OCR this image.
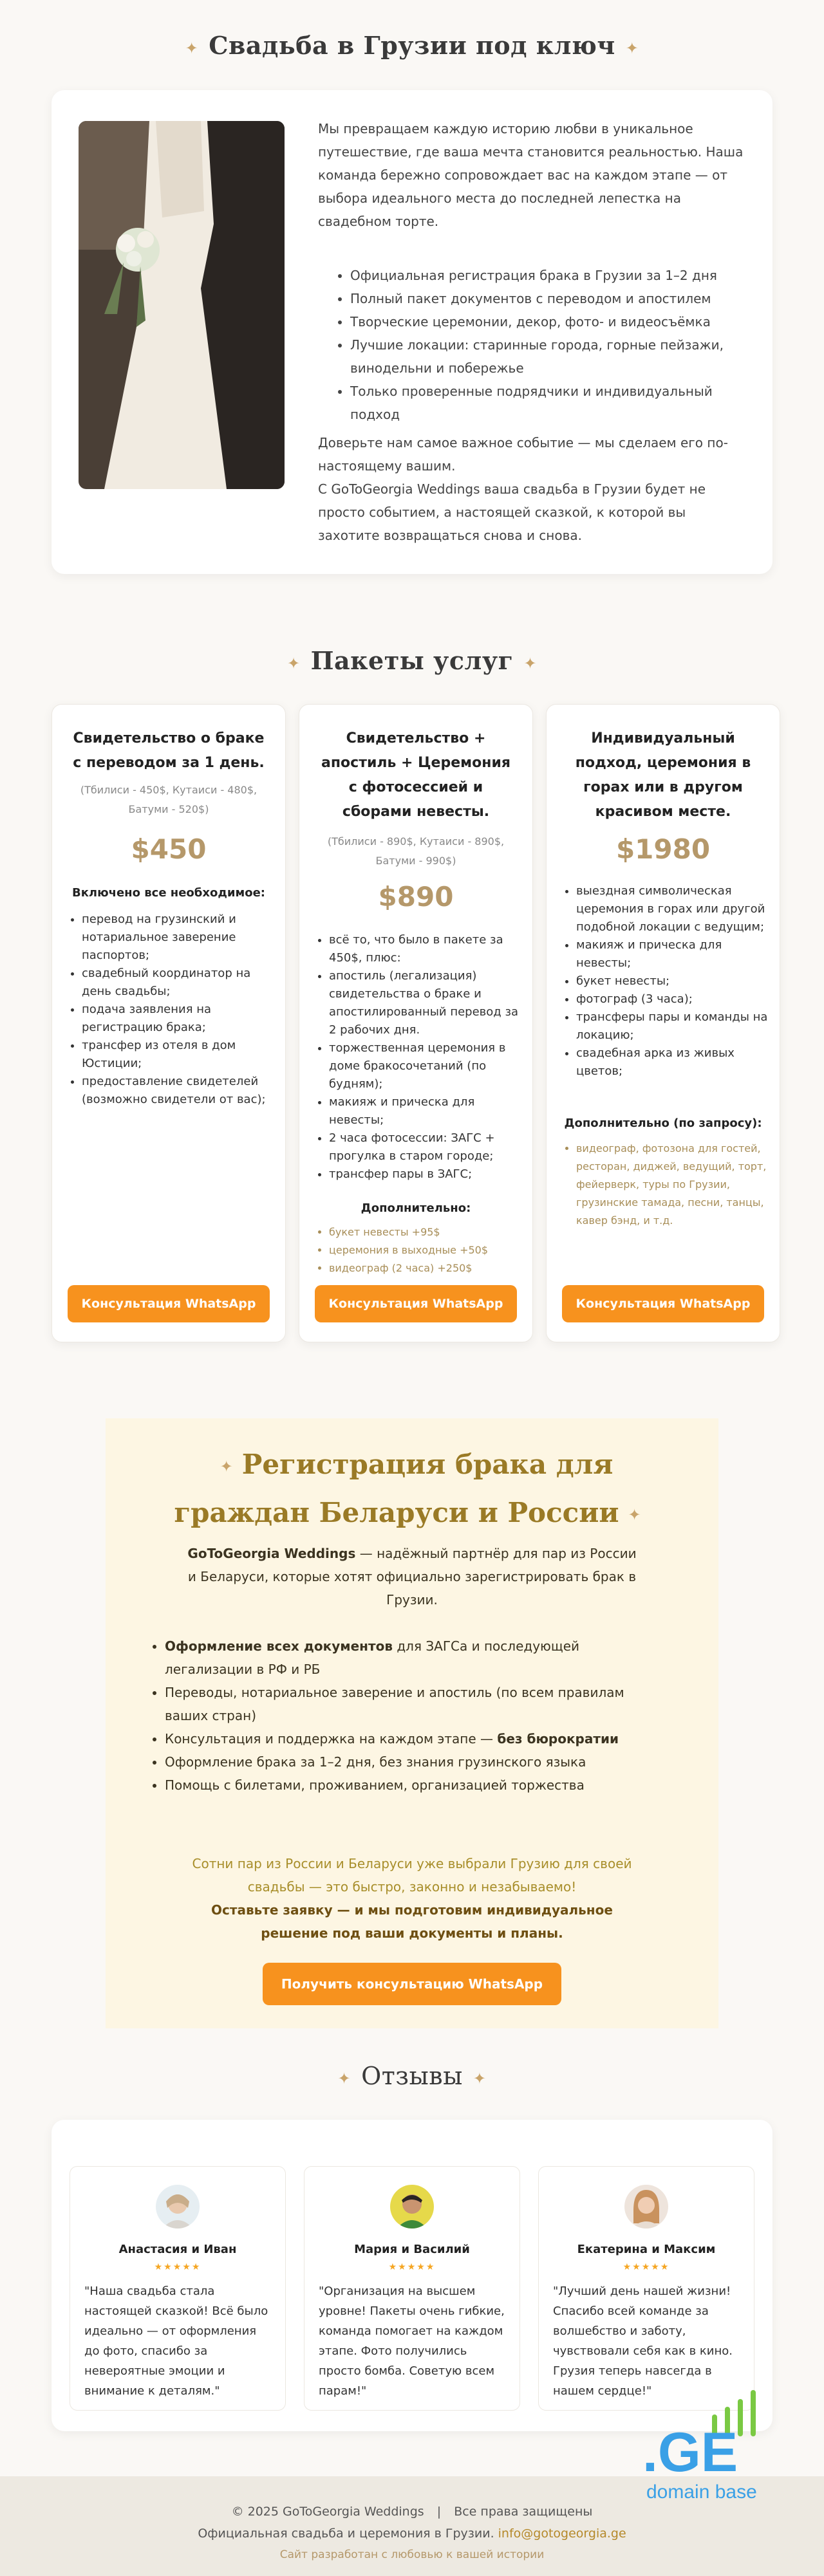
✦ Свадьба в Грузии под ключ ✦

Мы превращаем каждую историю любви в уникальное путешествие, где ваша мечта становится реальностью. Наша команда бережно сопровождает вас на каждом этапе — от выбора идеального места до последней лепестка на свадебном торте.

• Официальная регистрация брака в Грузии за 1–2 дня
• Полный пакет документов с переводом и апостилем
• Творческие церемонии, декор, фото- и видеосъёмка
• Лучшие локации: старинные города, горные пейзажи, винодельни и побережье
• Только проверенные подрядчики и индивидуальный подход

Доверьте нам самое важное событие — мы сделаем его по-настоящему вашим.

С GoToGeorgia Weddings ваша свадьба в Грузии будет не просто событием, а настоящей сказкой, к которой вы захотите возвращаться снова и снова.

✦ Пакеты услуг ✦
Свидетельство о браке с переводом за 1 день.
(Тбилиси - 450$, Кутаиси - 480$, Батуми - 520$)
$450
Включено все необходимое:
• перевод на грузинский и нотариальное заверение паспортов;
• свадебный координатор на день свадьбы;
• подача заявления на регистрацию брака;
• трансфер из отеля в дом Юстиции;
• предоставление свидетелей (возможно свидетели от вас);
Консультация WhatsApp
Свидетельство + апостиль + Церемония с фотосессией и сборами невесты.
(Тбилиси - 890$, Кутаиси - 890$, Батуми - 990$)
$890
• всё то, что было в пакете за 450$, плюс:
• апостиль (легализация) свидетельства о браке и апостилированный перевод за 2 рабочих дня.
• торжественная церемония в доме бракосочетаний (по будням);
• макияж и прическа для невесты;
• 2 часа фотосессии: ЗАГС + прогулка в старом городе;
• трансфер пары в ЗАГС;
Дополнительно:
• букет невесты +95$
• церемония в выходные +50$
• видеограф (2 часа) +250$
Консультация WhatsApp
Индивидуальный подход, церемония в горах или в другом красивом месте.
$1980
• выездная символическая церемония в горах или другой подобной локации с ведущим;
• макияж и прическа для невесты;
• букет невесты;
• фотограф (3 часа);
• трансферы пары и команды на локацию;
• свадебная арка из живых цветов;
Дополнительно (по запросу):
• видеограф, фотозона для гостей, ресторан, диджей, ведущий, торт, фейерверк, туры по Грузии, грузинские тамада, песни, танцы, кавер бэнд, и т.д.
Консультация WhatsApp
✦ Регистрация брака для граждан Беларуси и России ✦
GoToGeorgia Weddings — надёжный партнёр для пар из России и Беларуси, которые хотят официально зарегистрировать брак в Грузии.
• Оформление всех документов для ЗАГСа и последующей легализации в РФ и РБ
• Переводы, нотариальное заверение и апостиль (по всем правилам ваших стран)
• Консультация и поддержка на каждом этапе — без бюрократии
• Оформление брака за 1–2 дня, без знания грузинского языка
• Помощь с билетами, проживанием, организацией торжества
Сотни пар из России и Беларуси уже выбрали Грузию для своей свадьбы — это быстро, законно и незабываемо!
Оставьте заявку — и мы подготовим индивидуальное решение под ваши документы и планы.
Получить консультацию WhatsApp
✦ Отзывы ✦
Анастасия и Иван
★★★★★
"Наша свадьба стала настоящей сказкой! Всё было идеально — от оформления до фото, спасибо за невероятные эмоции и внимание к деталям."
Мария и Василий
★★★★★
"Организация на высшем уровне! Пакеты очень гибкие, команда помогает на каждом этапе. Фото получились просто бомба. Советую всем парам!"
Екатерина и Максим
★★★★★
"Лучший день нашей жизни! Спасибо всей команде за волшебство и заботу, чувствовали себя как в кино. Грузия теперь навсегда в нашем сердце!"
© 2025 GoToGeorgia Weddings | Все права защищены
Официальная свадьба и церемония в Грузии. info@gotogeorgia.ge
Сайт разработан с любовью к вашей истории
.GE
domain base
